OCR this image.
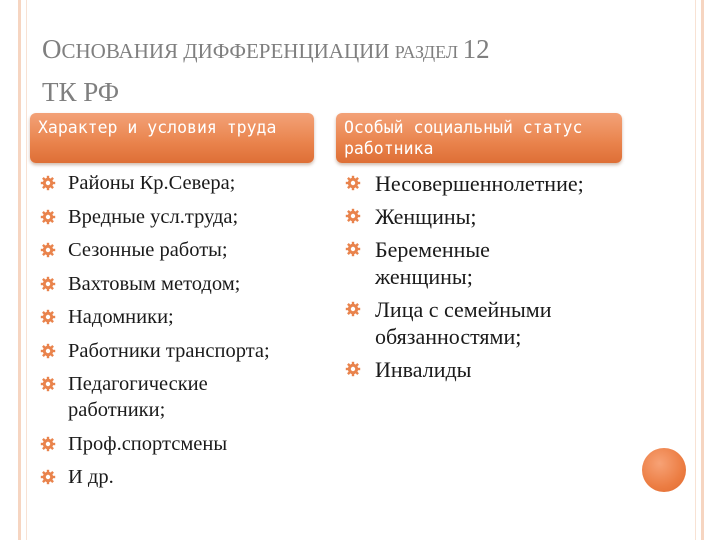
ОСНОВАНИЯ ДИФФЕРЕНЦИАЦИИ РАЗДЕЛ 12
ТК РФ
Характер и условия труда	Особый социальный статус работника
Районы Кр.Севера;
Вредные усл.труда;
Сезонные работы;
Вахтовым методом;
Надомники;
Работники транспорта;
Педагогические работники;
Проф.спортсмены
И др.
Несовершеннолетние;
Женщины;
Беременные женщины;
Лица с семейными обязанностями;
Инвалиды
